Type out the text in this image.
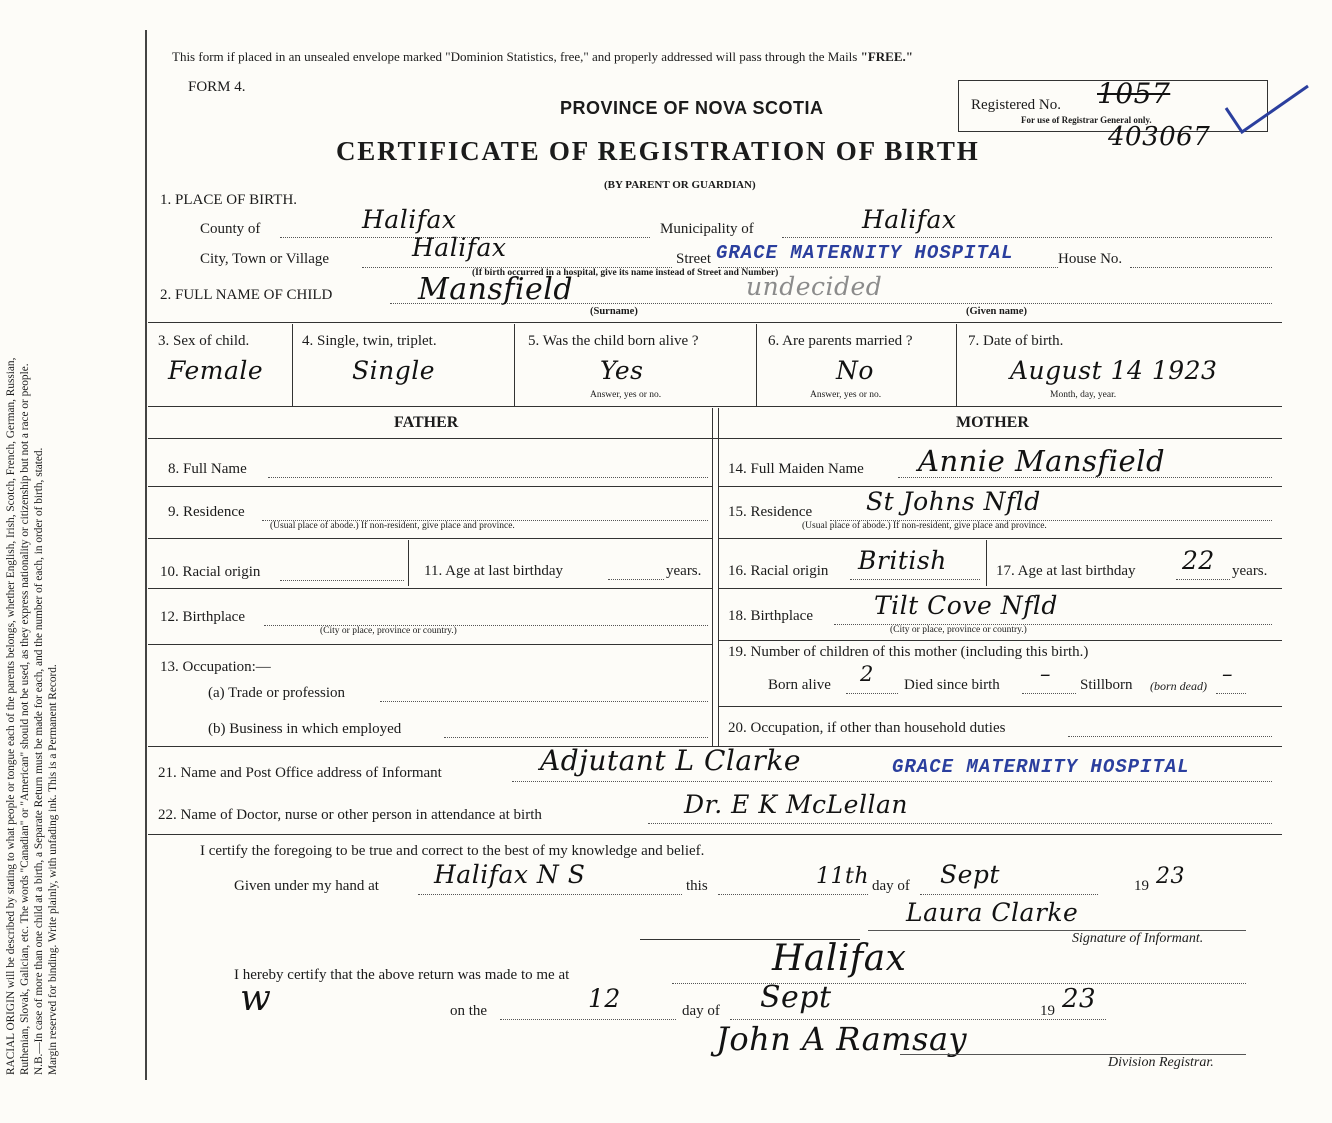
RACIAL ORIGIN will be described by stating to what people or tongue each of the parents belongs, whether English, Irish, Scotch, French, German, Russian, Ruthenian, Slovak, Galician, etc. The words "Canadian" or "American" should not be used, as they express nationality or citizenship but not a race or people. N.B.—In case of more than one child at a birth, a Separate Return must be made for each, and the number of each, in order of birth, stated. Margin reserved for binding. Write plainly, with unfading ink. This is a Permanent Record.
This form if placed in an unsealed envelope marked "Dominion Statistics, free," and properly addressed will pass through the Mails "FREE."
FORM 4.
PROVINCE OF NOVA SCOTIA
CERTIFICATE OF REGISTRATION OF BIRTH
(BY PARENT OR GUARDIAN)
Registered No. 1057
For use of Registrar General only.
403067
1. PLACE OF BIRTH.
County of	Halifax	Municipality of	Halifax
City, Town or Village	Halifax	Street GRACE MATERNITY HOSPITAL	House No.
(If birth occurred in a hospital, give its name instead of Street and Number)
2. FULL NAME OF CHILD	Mansfield	undecided
(Surname)	(Given name)
3. Sex of child.
Female
4. Single, twin, triplet.
Single
5. Was the child born alive ?
Yes
Answer, yes or no.
6. Are parents married ?
No
Answer, yes or no.
7. Date of birth.
August 14 1923
Month, day, year.
FATHER	MOTHER
8. Full Name
9. Residence
(Usual place of abode.) If non-resident, give place and province.
10. Racial origin	11. Age at last birthday	years.
12. Birthplace
(City or place, province or country.)
13. Occupation:—
(a) Trade or profession
(b) Business in which employed
14. Full Maiden Name Annie Mansfield
15. Residence St Johns Nfld
(Usual place of abode.) If non-resident, give place and province.
16. Racial origin British	17. Age at last birthday 22 years.
18. Birthplace Tilt Cove Nfld
(City or place, province or country.)
19. Number of children of this mother (including this birth.)
Born alive 2 Died since birth – Stillborn (born dead) –
20. Occupation, if other than household duties
21. Name and Post Office address of Informant	Adjutant L Clarke	GRACE MATERNITY HOSPITAL
22. Name of Doctor, nurse or other person in attendance at birth	Dr. E K McLellan
I certify the foregoing to be true and correct to the best of my knowledge and belief.
Given under my hand at Halifax N S	this	11th day of Sept	19 23
Laura Clarke
Signature of Informant.
I hereby certify that the above return was made to me at	Halifax
w	on the	12	day of Sept	19 23
John A Ramsay
Division Registrar.
